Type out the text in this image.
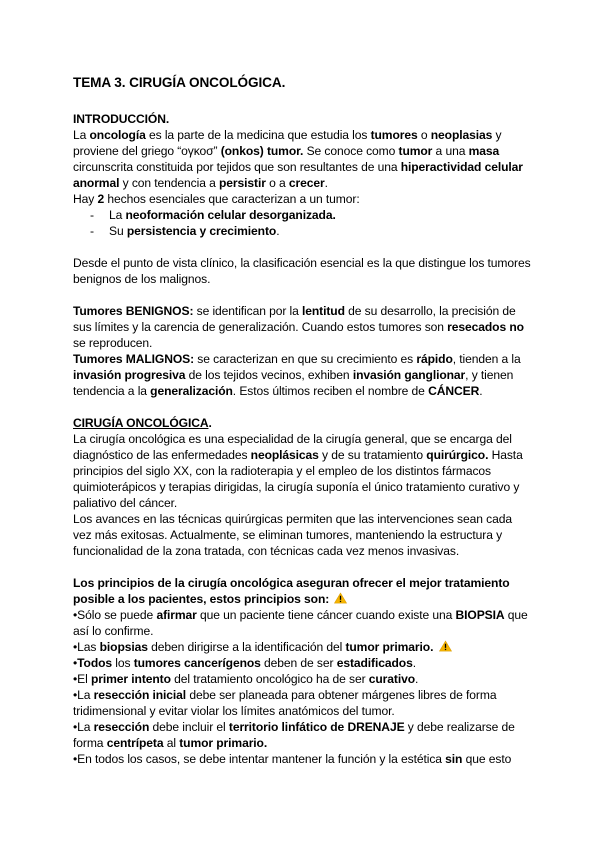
TEMA 3. CIRUGÍA ONCOLÓGICA.

INTRODUCCIÓN.

La oncología es la parte de la medicina que estudia los tumores o neoplasias y proviene del griego “ογκοσ” (onkos) tumor. Se conoce como tumor a una masa circunscrita constituida por tejidos que son resultantes de una hiperactividad celular anormal y con tendencia a persistir o a crecer.

Hay 2 hechos esenciales que caracterizan a un tumor:

- La neoformación celular desorganizada.
- Su persistencia y crecimiento.

Desde el punto de vista clínico, la clasificación esencial es la que distingue los tumores benignos de los malignos.

Tumores BENIGNOS: se identifican por la lentitud de su desarrollo, la precisión de sus límites y la carencia de generalización. Cuando estos tumores son resecados no se reproducen.

Tumores MALIGNOS: se caracterizan en que su crecimiento es rápido, tienden a la invasión progresiva de los tejidos vecinos, exhiben invasión ganglionar, y tienen tendencia a la generalización. Estos últimos reciben el nombre de CÁNCER.

CIRUGÍA ONCOLÓGICA.

La cirugía oncológica es una especialidad de la cirugía general, que se encarga del diagnóstico de las enfermedades neoplásicas y de su tratamiento quirúrgico. Hasta principios del siglo XX, con la radioterapia y el empleo de los distintos fármacos quimioterápicos y terapias dirigidas, la cirugía suponía el único tratamiento curativo y paliativo del cáncer.

Los avances en las técnicas quirúrgicas permiten que las intervenciones sean cada vez más exitosas. Actualmente, se eliminan tumores, manteniendo la estructura y funcionalidad de la zona tratada, con técnicas cada vez menos invasivas.

Los principios de la cirugía oncológica aseguran ofrecer el mejor tratamiento posible a los pacientes, estos principios son:

•Sólo se puede afirmar que un paciente tiene cáncer cuando existe una BIOPSIA que así lo confirme.

•Las biopsias deben dirigirse a la identificación del tumor primario.

•Todos los tumores cancerígenos deben de ser estadificados.

•El primer intento del tratamiento oncológico ha de ser curativo.

•La resección inicial debe ser planeada para obtener márgenes libres de forma tridimensional y evitar violar los límites anatómicos del tumor.

•La resección debe incluir el territorio linfático de DRENAJE y debe realizarse de forma centrípeta al tumor primario.

•En todos los casos, se debe intentar mantener la función y la estética sin que esto
